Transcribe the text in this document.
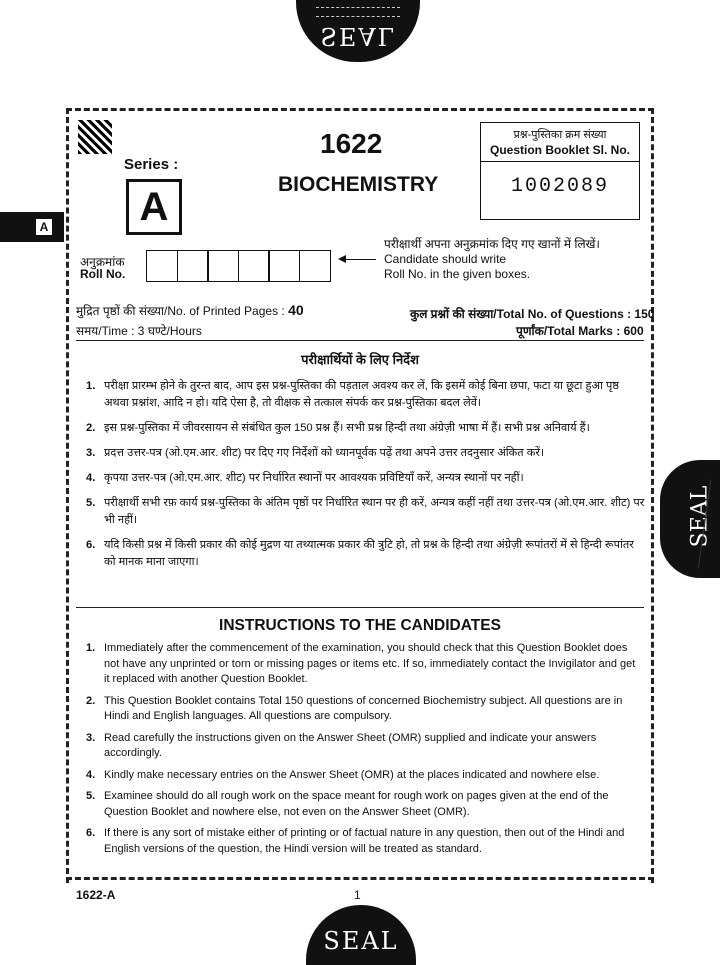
SEAL
A
SEAL
Series :
A
1622
BIOCHEMISTRY
प्रश्न-पुस्तिका क्रम संख्या
Question Booklet Sl. No.
1002089
अनुक्रमांक
Roll No.
परीक्षार्थी अपना अनुक्रमांक दिए गए खानों में लिखें।
Candidate should write
Roll No. in the given boxes.
मुद्रित पृष्ठों की संख्या/No. of Printed Pages : 40	कुल प्रश्नों की संख्या/Total No. of Questions : 150
समय/Time : 3 घण्टे/Hours	पूर्णांक/Total Marks : 600
परीक्षार्थियों के लिए निर्देश
1. परीक्षा प्रारम्भ होने के तुरन्त बाद, आप इस प्रश्न-पुस्तिका की पड़ताल अवश्य कर लें, कि इसमें कोई बिना छपा, फटा या छूटा हुआ पृष्ठ अथवा प्रश्नांश, आदि न हो। यदि ऐसा है, तो वीक्षक से तत्काल संपर्क कर प्रश्न-पुस्तिका बदल लेवें।
2. इस प्रश्न-पुस्तिका में जीवरसायन से संबंधित कुल 150 प्रश्न हैं। सभी प्रश्न हिन्दी तथा अंग्रेज़ी भाषा में हैं। सभी प्रश्न अनिवार्य हैं।
3. प्रदत्त उत्तर-पत्र (ओ.एम.आर. शीट) पर दिए गए निर्देशों को ध्यानपूर्वक पढ़ें तथा अपने उत्तर तदनुसार अंकित करें।
4. कृपया उत्तर-पत्र (ओ.एम.आर. शीट) पर निर्धारित स्थानों पर आवश्यक प्रविष्टियाँ करें, अन्यत्र स्थानों पर नहीं।
5. परीक्षार्थी सभी रफ़ कार्य प्रश्न-पुस्तिका के अंतिम पृष्ठों पर निर्धारित स्थान पर ही करें, अन्यत्र कहीं नहीं तथा उत्तर-पत्र (ओ.एम.आर. शीट) पर भी नहीं।
6. यदि किसी प्रश्न में किसी प्रकार की कोई मुद्रण या तथ्यात्मक प्रकार की त्रुटि हो, तो प्रश्न के हिन्दी तथा अंग्रेज़ी रूपांतरों में से हिन्दी रूपांतर को मानक माना जाएगा।
INSTRUCTIONS TO THE CANDIDATES
1. Immediately after the commencement of the examination, you should check that this Question Booklet does not have any unprinted or torn or missing pages or items etc. If so, immediately contact the Invigilator and get it replaced with another Question Booklet.
2. This Question Booklet contains Total 150 questions of concerned Biochemistry subject. All questions are in Hindi and English languages. All questions are compulsory.
3. Read carefully the instructions given on the Answer Sheet (OMR) supplied and indicate your answers accordingly.
4. Kindly make necessary entries on the Answer Sheet (OMR) at the places indicated and nowhere else.
5. Examinee should do all rough work on the space meant for rough work on pages given at the end of the Question Booklet and nowhere else, not even on the Answer Sheet (OMR).
6. If there is any sort of mistake either of printing or of factual nature in any question, then out of the Hindi and English versions of the question, the Hindi version will be treated as standard.
1622-A	1
SEAL
